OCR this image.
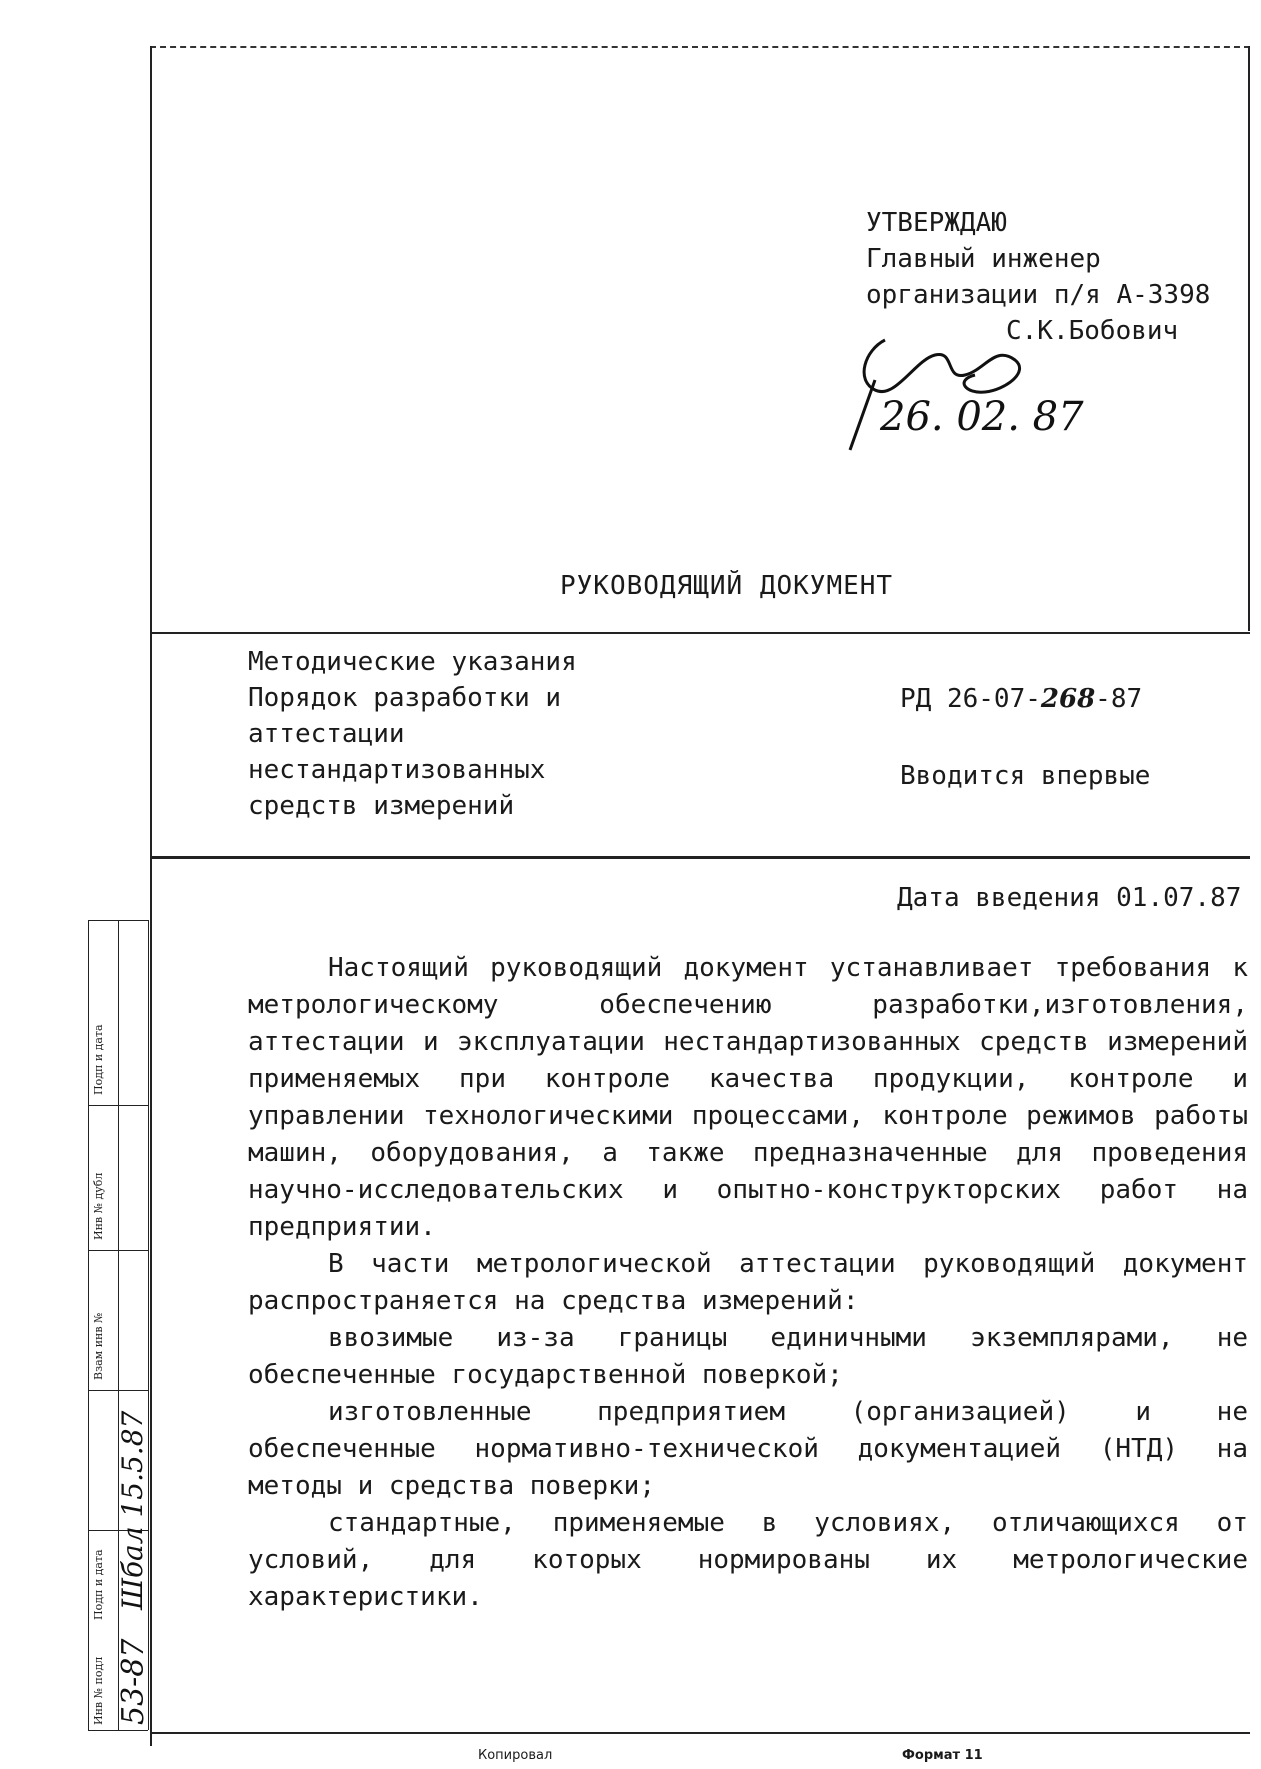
УТВЕРЖДАЮ
Главный инженер
организации п/я А-3398
С.К.Бобович
26. 02. 87
РУКОВОДЯЩИЙ ДОКУМЕНТ
Методические указания
Порядок разработки и
аттестации
нестандартизованных
средств измерений
РД 26-07-268-87
Вводится впервые
Дата введения 01.07.87

Настоящий руководящий документ устанавливает требования к метрологическому обеспечению разработки,изготовления, аттестации и эксплуатации нестандартизованных средств измерений применяемых при контроле качества продукции, контроле и управлении технологическими процессами, контроле режимов работы машин, оборудования, а также предназначенные для проведения научно-исследовательских и опытно-конструкторских работ на предприятии.

В части метрологической аттестации руководящий документ распространяется на средства измерений:

ввозимые из-за границы единичными экземплярами, не обеспеченные государственной поверкой;

изготовленные предприятием (организацией) и не обеспеченные нормативно-технической документацией (НТД) на методы и средства поверки;

стандартные, применяемые в условиях, отличающихся от условий, для которых нормированы их метрологические характеристики.

Подп и дата
Инв № дубл
Взам инв №
Подп и дата
Инв № подл 53-87
Шбал 15.5.87
Копировал	Формат 11
